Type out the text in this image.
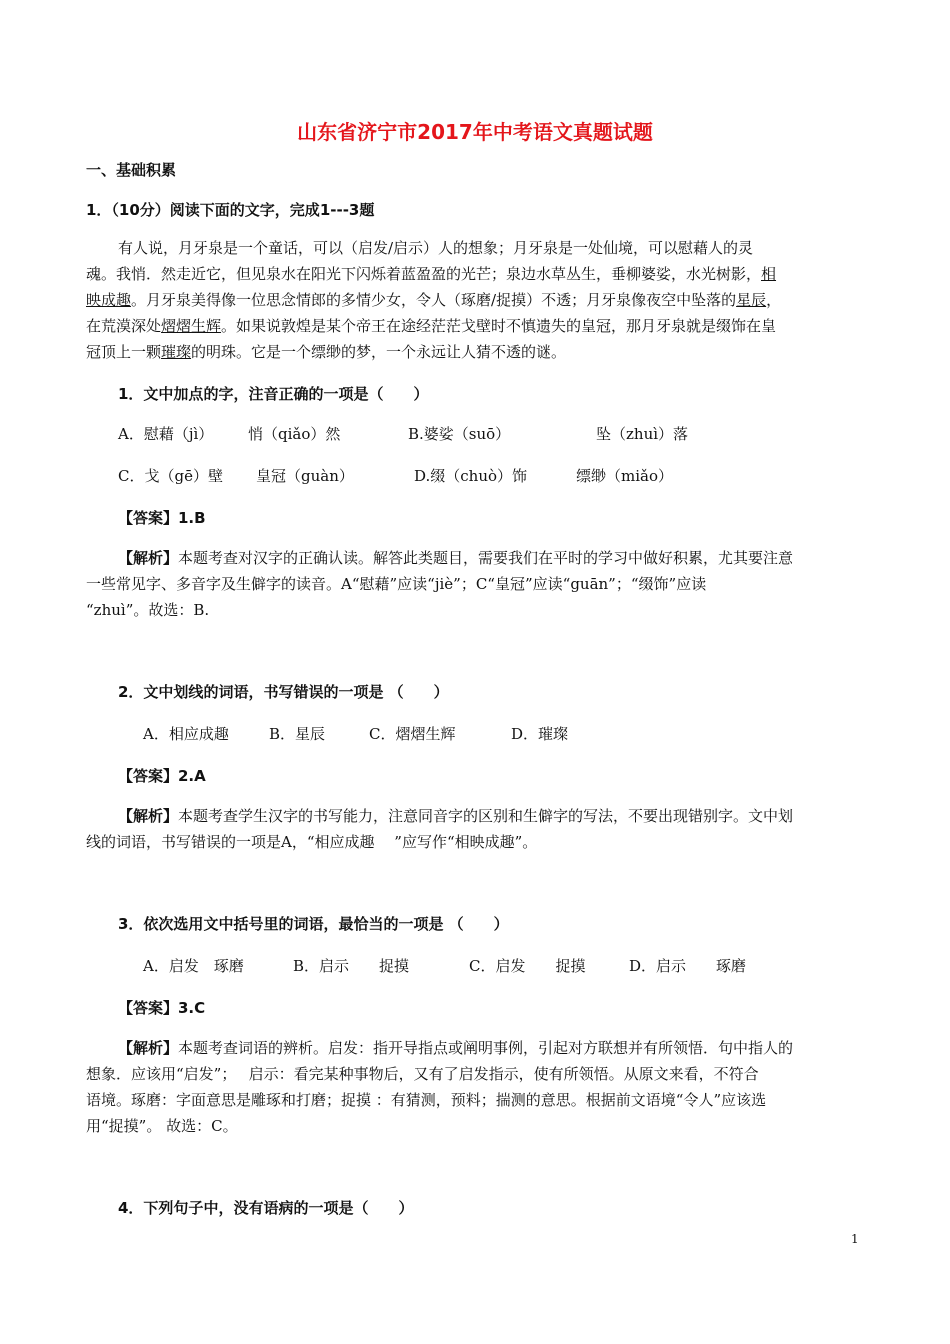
山东省济宁市2017年中考语文真题试题
一、基础积累
1．（10分）阅读下面的文字，完成1---3题
有人说，月牙泉是一个童话，可以（启发/启示）人的想象；月牙泉是一处仙境，可以慰藉人的灵
魂。我悄．然走近它，但见泉水在阳光下闪烁着蓝盈盈的光芒；泉边水草丛生，垂柳婆娑，水光树影，相
映成趣。月牙泉美得像一位思念情郎的多情少女，令人（琢磨/捉摸）不透；月牙泉像夜空中坠落的星辰，
在荒漠深处熠熠生辉。如果说敦煌是某个帝王在途经茫茫戈壁时不慎遗失的皇冠，那月牙泉就是缀饰在皇
冠顶上一颗璀璨的明珠。它是一个缥缈的梦，一个永远让人猜不透的谜。
1．文中加点的字，注音正确的一项是（　　）
A．慰藉（jì） 悄（qiǎo）然	B.婆娑（suō）	坠（zhuì）落
C．戈（gē）壁 皇冠（guàn）	D.缀（chuò）饰	缥缈（miǎo）
【答案】1.B
【解析】本题考查对汉字的正确认读。解答此类题目，需要我们在平时的学习中做好积累，尤其要注意
一些常见字、多音字及生僻字的读音。A“慰藉”应读“jiè”；C“皇冠”应读“guān”；“缀饰”应读
“zhuì”。故选：B.
2．文中划线的词语，书写错误的一项是 （　　）
A．相应成趣	B．星辰	C．熠熠生辉	D．璀璨
【答案】2.A
【解析】本题考查学生汉字的书写能力，注意同音字的区别和生僻字的写法，不要出现错别字。文中划
线的词语，书写错误的一项是A，“相应成趣　 ”应写作“相映成趣”。
3．依次选用文中括号里的词语，最恰当的一项是 （　　）
A．启发　琢磨	B．启示　　捉摸	C．启发　　捉摸	D．启示　　琢磨
【答案】3.C
【解析】本题考查词语的辨析。启发：指开导指点或阐明事例，引起对方联想并有所领悟．句中指人的
想象．应该用“启发”；　 启示：看完某种事物后，又有了启发指示，使有所领悟。从原文来看，不符合
语境。琢磨：字面意思是雕琢和打磨；捉摸 ：有猜测，预料；揣测的意思。根据前文语境“令人”应该选
用“捉摸”。 故选：C。
4．下列句子中，没有语病的一项是（　　）
1
